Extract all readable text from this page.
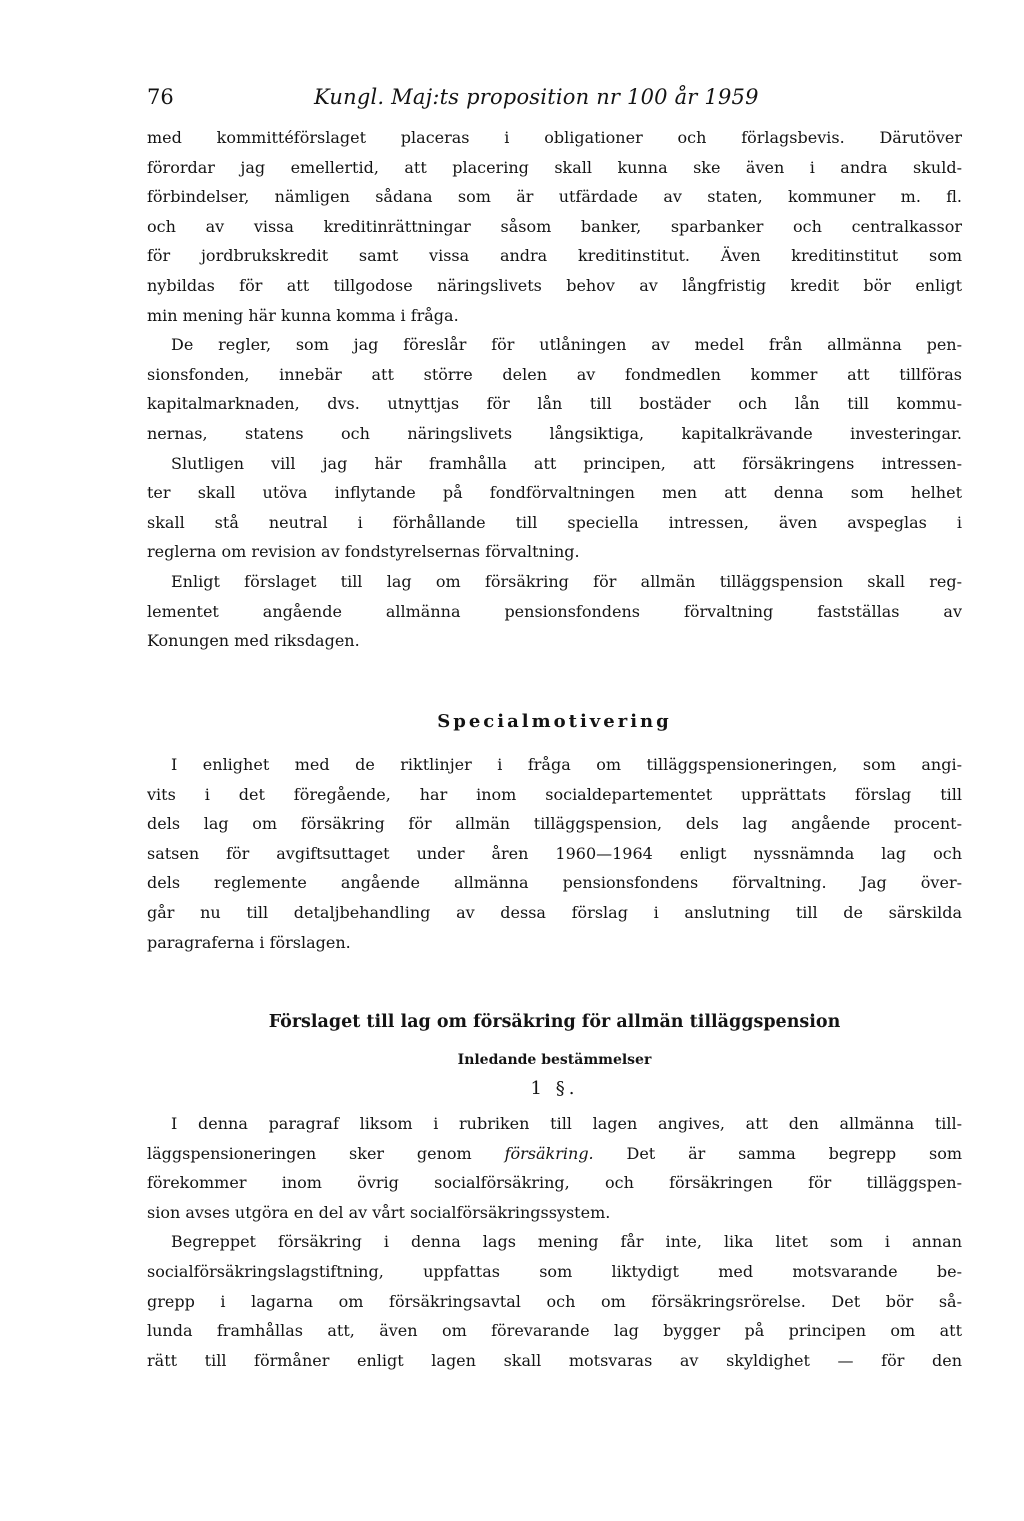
76	Kungl. Maj:ts proposition nr 100 år 1959
med kommittéförslaget placeras i obligationer och förlagsbevis. Därutöver
förordar jag emellertid, att placering skall kunna ske även i andra skuld-
förbindelser, nämligen sådana som är utfärdade av staten, kommuner m. fl.
och av vissa kreditinrättningar såsom banker, sparbanker och centralkassor
för jordbrukskredit samt vissa andra kreditinstitut. Även kreditinstitut som
nybildas för att tillgodose näringslivets behov av långfristig kredit bör enligt
min mening här kunna komma i fråga.
De regler, som jag föreslår för utlåningen av medel från allmänna pen-
sionsfonden, innebär att större delen av fondmedlen kommer att tillföras
kapitalmarknaden, dvs. utnyttjas för lån till bostäder och lån till kommu-
nernas, statens och näringslivets långsiktiga, kapitalkrävande investeringar.
Slutligen vill jag här framhålla att principen, att försäkringens intressen-
ter skall utöva inflytande på fondförvaltningen men att denna som helhet
skall stå neutral i förhållande till speciella intressen, även avspeglas i
reglerna om revision av fondstyrelsernas förvaltning.
Enligt förslaget till lag om försäkring för allmän tilläggspension skall reg-
lementet angående allmänna pensionsfondens förvaltning fastställas av
Konungen med riksdagen.
Specialmotivering
I enlighet med de riktlinjer i fråga om tilläggspensioneringen, som angi-
vits i det föregående, har inom socialdepartementet upprättats förslag till
dels lag om försäkring för allmän tilläggspension, dels lag angående procent-
satsen för avgiftsuttaget under åren 1960—1964 enligt nyssnämnda lag och
dels reglemente angående allmänna pensionsfondens förvaltning. Jag över-
går nu till detaljbehandling av dessa förslag i anslutning till de särskilda
paragraferna i förslagen.
Förslaget till lag om försäkring för allmän tilläggspension
Inledande bestämmelser
1 §.
I denna paragraf liksom i rubriken till lagen angives, att den allmänna till-
läggspensioneringen sker genom försäkring. Det är samma begrepp som
förekommer inom övrig socialförsäkring, och försäkringen för tilläggspen-
sion avses utgöra en del av vårt socialförsäkringssystem.
Begreppet försäkring i denna lags mening får inte, lika litet som i annan
socialförsäkringslagstiftning, uppfattas som liktydigt med motsvarande be-
grepp i lagarna om försäkringsavtal och om försäkringsrörelse. Det bör så-
lunda framhållas att, även om förevarande lag bygger på principen om att
rätt till förmåner enligt lagen skall motsvaras av skyldighet — för den
